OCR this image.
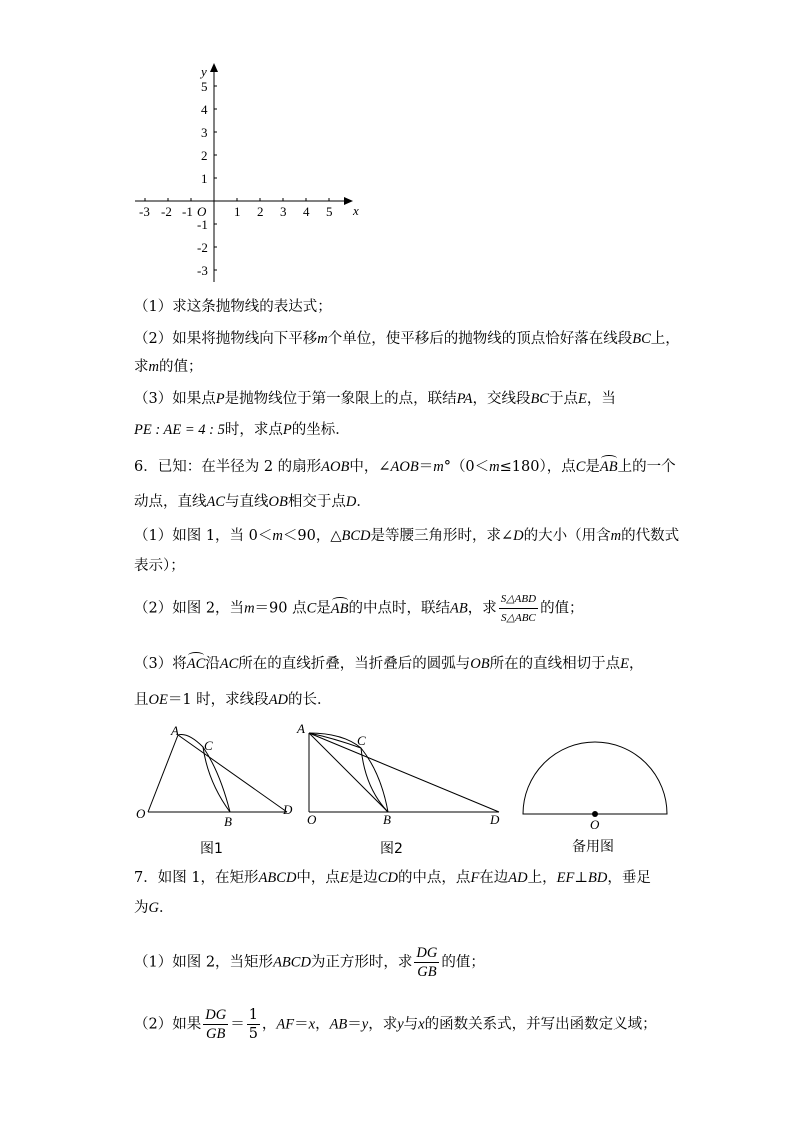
y
x
O
-3 -2 -1	1 2 3 4 5
5
4
3
2
1
-1
-2
-3
（1）求这条抛物线的表达式；
（2）如果将抛物线向下平移m个单位，使平移后的抛物线的顶点恰好落在线段BC上，
求m的值；
（3）如果点P是抛物线位于第一象限上的点，联结PA，交线段BC于点E，当
PE : AE = 4 : 5时，求点P的坐标．
6．已知：在半径为 2 的扇形AOB中，∠AOB＝m°（0＜m≤180），点C是AB上的一个
动点，直线AC与直线OB相交于点D．
（1）如图 1，当 0＜m＜90，△BCD是等腰三角形时，求∠D的大小（用含m的代数式
表示）；
（2）如图 2，当m＝90 点C是AB的中点时，联结AB，求 $\frac{\text{S△ABD}}{\text{S△ABC}}$ 的值；
（3）将AC沿AC所在的直线折叠，当折叠后的圆弧与OB所在的直线相切于点E，
且OE＝1 时，求线段AD的长．
A
C
O
B
D
图1
A
C
O	B	D
图2
O
备用图
7．如图 1，在矩形ABCD中，点E是边CD的中点，点F在边AD上，EF⊥BD，垂足
为G．
（1）如图 2，当矩形ABCD为正方形时，求 $\frac{DG}{GB}$ 的值；
（2）如果 $\frac{DG}{GB} = \frac{1}{5}$ ，AF＝x，AB＝y，求y与x的函数关系式，并写出函数定义域；
